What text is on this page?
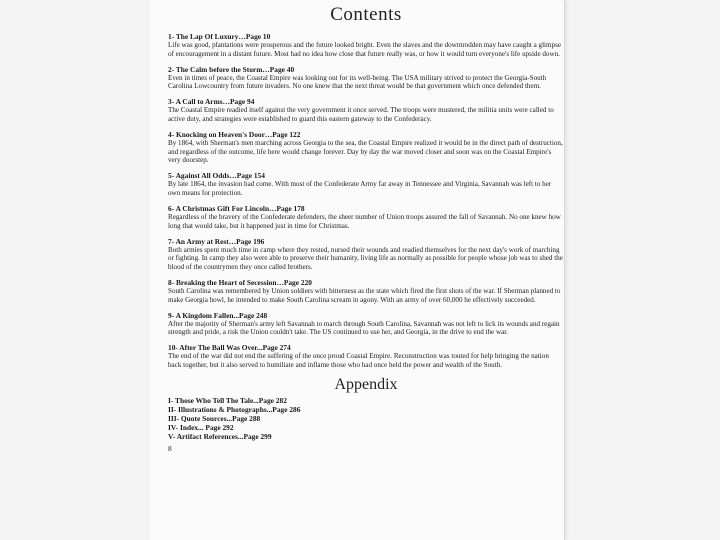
Contents
1- The Lap Of Luxury…Page 10
Life was good, plantations were prosperous and the future looked bright. Even the slaves and the downtrodden may have caught a glimpse of encouragement in a distant future. Most had no idea how close that future really was, or how it would turn everyone's life upside down.
2- The Calm before the Storm…Page 40
Even in times of peace, the Coastal Empire was looking out for its well-being. The USA military strived to protect the Georgia-South Carolina Lowcountry from future invaders. No one knew that the next threat would be that government which once defended them.
3- A Call to Arms…Page 94
The Coastal Empire readied itself against the very government it once served. The troops were mustered, the militia units were called to active duty, and strategies were established to guard this eastern gateway to the Confederacy.
4- Knocking on Heaven's Door…Page 122
By 1864, with Sherman's men marching across Georgia to the sea, the Coastal Empire realized it would be in the direct path of destruction, and regardless of the outcome, life here would change forever. Day by day the war moved closer and soon was on the Coastal Empire's very doorstep.
5- Against All Odds…Page 154
By late 1864, the invasion had come. With most of the Confederate Army far away in Tennessee and Virginia, Savannah was left to her own means for protection.
6- A Christmas Gift For Lincoln…Page 178
Regardless of the bravery of the Confederate defenders, the sheer number of Union troops assured the fall of Savannah. No one knew how long that would take, but it happened just in time for Christmas.
7- An Army at Rest…Page 196
Both armies spent much time in camp where they rested, nursed their wounds and readied themselves for the next day's work of marching or fighting. In camp they also were able to preserve their humanity, living life as normally as possible for people whose job was to shed the blood of the countrymen they once called brothers.
8- Breaking the Heart of Secession…Page 220
South Carolina was remembered by Union soldiers with bitterness as the state which fired the first shots of the war. If Sherman planned to make Georgia howl, he intended to make South Carolina scream in agony. With an army of over 60,000 he effectively succeeded.
9- A Kingdom Fallen...Page 248
After the majority of Sherman's army left Savannah to march through South Carolina, Savannah was not left to lick its wounds and regain strength and pride, a risk the Union couldn't take. The US continued to use her, and Georgia, in the drive to end the war.
10- After The Ball Was Over...Page 274
The end of the war did not end the suffering of the once proud Coastal Empire. Reconstruction was touted for help bringing the nation back together, but it also served to humiliate and inflame those who had once held the power and wealth of the South.
Appendix
I- Those Who Tell The Tale...Page 282
II- Illustrations & Photographs...Page 286
III- Quote Sources...Page 288
IV- Index... Page 292
V- Artifact References...Page 299
8
